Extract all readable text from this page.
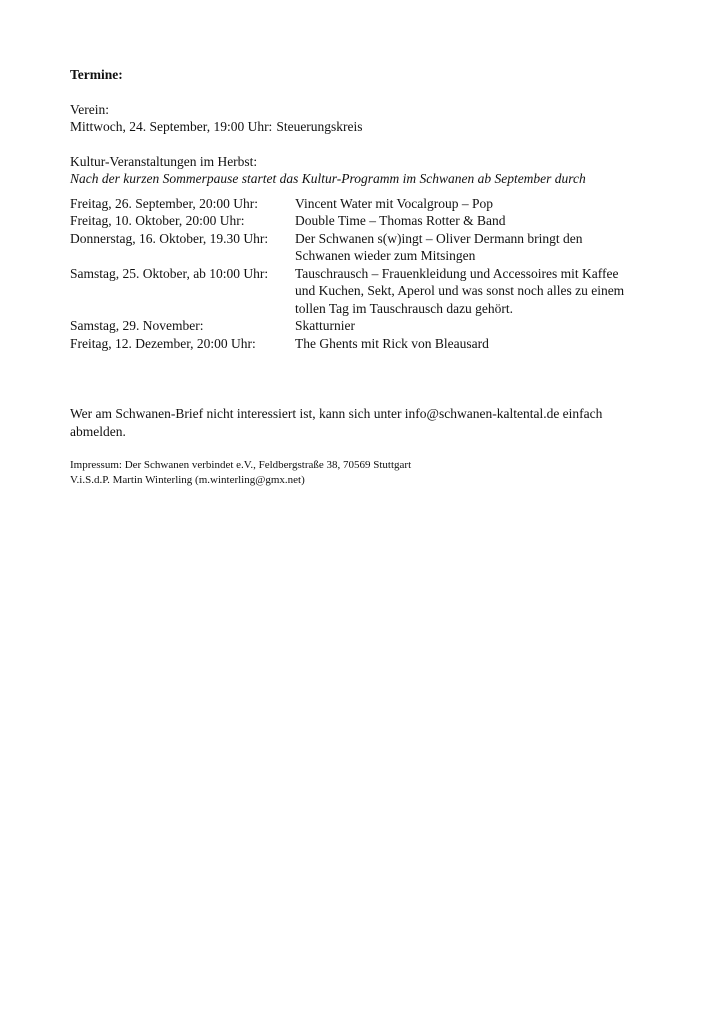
Termine:

Verein:

Mittwoch, 24. September, 19:00 Uhr: Steuerungskreis

Kultur-Veranstaltungen im Herbst:

Nach der kurzen Sommerpause startet das Kultur-Programm im Schwanen ab September durch

Freitag, 26. September, 20:00 Uhr:	Vincent Water mit Vocalgroup – Pop
Freitag, 10. Oktober, 20:00 Uhr:	Double Time – Thomas Rotter & Band
Donnerstag, 16. Oktober, 19.30 Uhr:	Der Schwanen s(w)ingt – Oliver Dermann bringt den
Schwanen wieder zum Mitsingen
Samstag, 25. Oktober, ab 10:00 Uhr:	Tauschrausch – Frauenkleidung und Accessoires mit Kaffee
und Kuchen, Sekt, Aperol und was sonst noch alles zu einem
tollen Tag im Tauschrausch dazu gehört.
Samstag, 29. November:	Skatturnier
Freitag, 12. Dezember, 20:00 Uhr:	The Ghents mit Rick von Bleausard
Wer am Schwanen-Brief nicht interessiert ist, kann sich unter info@schwanen-kaltental.de einfach
abmelden.
Impressum: Der Schwanen verbindet e.V., Feldbergstraße 38, 70569 Stuttgart
V.i.S.d.P. Martin Winterling (m.winterling@gmx.net)
